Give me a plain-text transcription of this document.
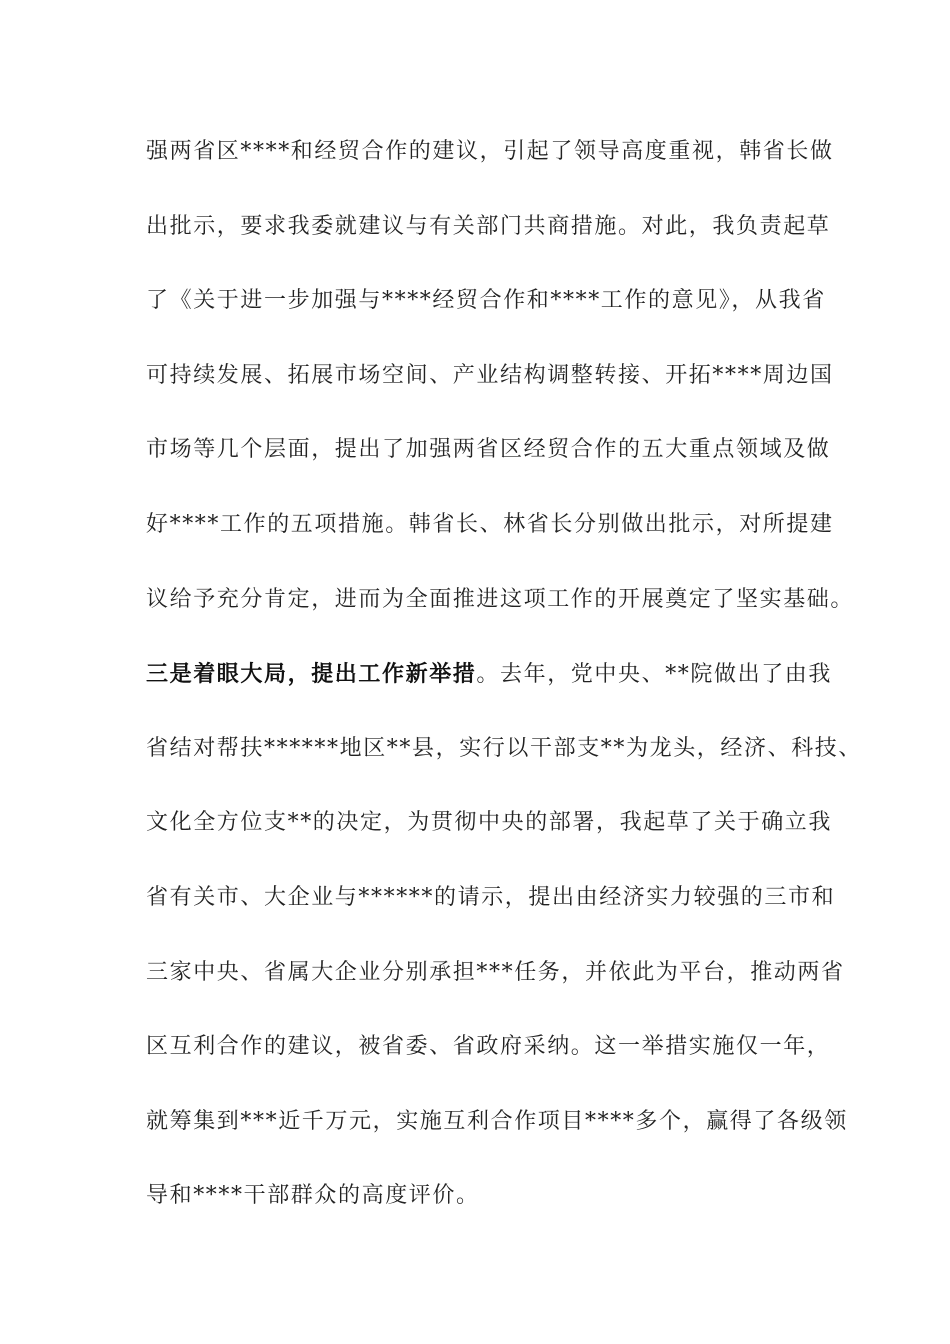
强两省区****和经贸合作的建议，引起了领导高度重视，韩省长做
出批示，要求我委就建议与有关部门共商措施。对此，我负责起草
了《关于进一步加强与****经贸合作和****工作的意见》，从我省
可持续发展、拓展市场空间、产业结构调整转接、开拓****周边国
市场等几个层面，提出了加强两省区经贸合作的五大重点领域及做
好****工作的五项措施。韩省长、林省长分别做出批示，对所提建
议给予充分肯定，进而为全面推进这项工作的开展奠定了坚实基础。
三是着眼大局，提出工作新举措。去年，党中央、**院做出了由我
省结对帮扶******地区**县，实行以干部支**为龙头，经济、科技、
文化全方位支**的决定，为贯彻中央的部署，我起草了关于确立我
省有关市、大企业与******的请示，提出由经济实力较强的三市和
三家中央、省属大企业分别承担***任务，并依此为平台，推动两省
区互利合作的建议，被省委、省政府采纳。这一举措实施仅一年，
就筹集到***近千万元，实施互利合作项目****多个，赢得了各级领
导和****干部群众的高度评价。
